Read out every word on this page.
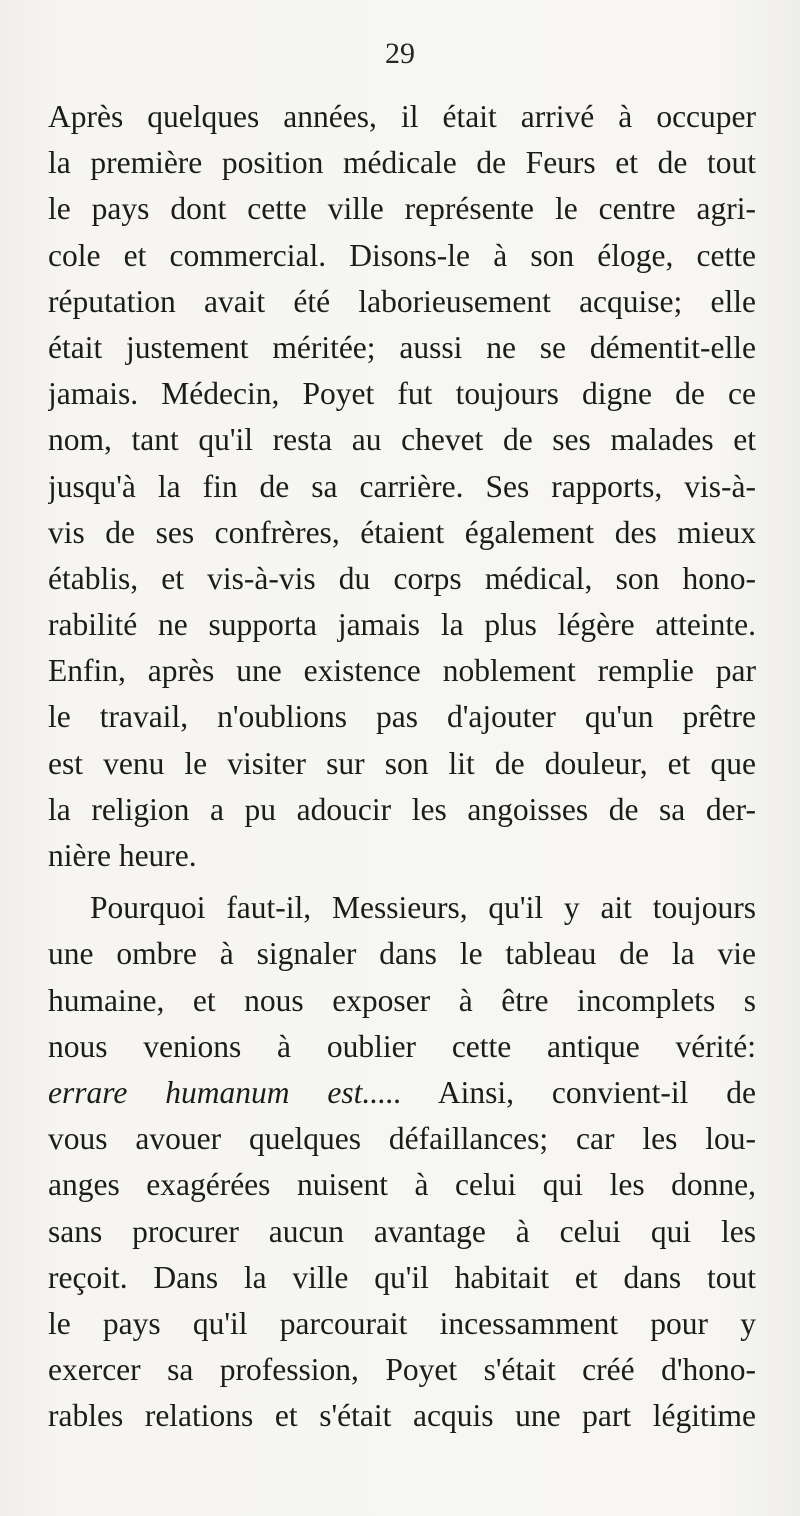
29
Après quelques années, il était arrivé à occuper
la première position médicale de Feurs et de tout
le pays dont cette ville représente le centre agri-
cole et commercial. Disons-le à son éloge, cette
réputation avait été laborieusement acquise; elle
était justement méritée; aussi ne se démentit-elle
jamais. Médecin, Poyet fut toujours digne de ce
nom, tant qu'il resta au chevet de ses malades et
jusqu'à la fin de sa carrière. Ses rapports, vis-à-
vis de ses confrères, étaient également des mieux
établis, et vis-à-vis du corps médical, son hono-
rabilité ne supporta jamais la plus légère atteinte.
Enfin, après une existence noblement remplie par
le travail, n'oublions pas d'ajouter qu'un prêtre
est venu le visiter sur son lit de douleur, et que
la religion a pu adoucir les angoisses de sa der-
nière heure.
Pourquoi faut-il, Messieurs, qu'il y ait toujours
une ombre à signaler dans le tableau de la vie
humaine, et nous exposer à être incomplets s
nous venions à oublier cette antique vérité:
errare humanum est..... Ainsi, convient-il de
vous avouer quelques défaillances; car les lou-
anges exagérées nuisent à celui qui les donne,
sans procurer aucun avantage à celui qui les
reçoit. Dans la ville qu'il habitait et dans tout
le pays qu'il parcourait incessamment pour y
exercer sa profession, Poyet s'était créé d'hono-
rables relations et s'était acquis une part légitime
